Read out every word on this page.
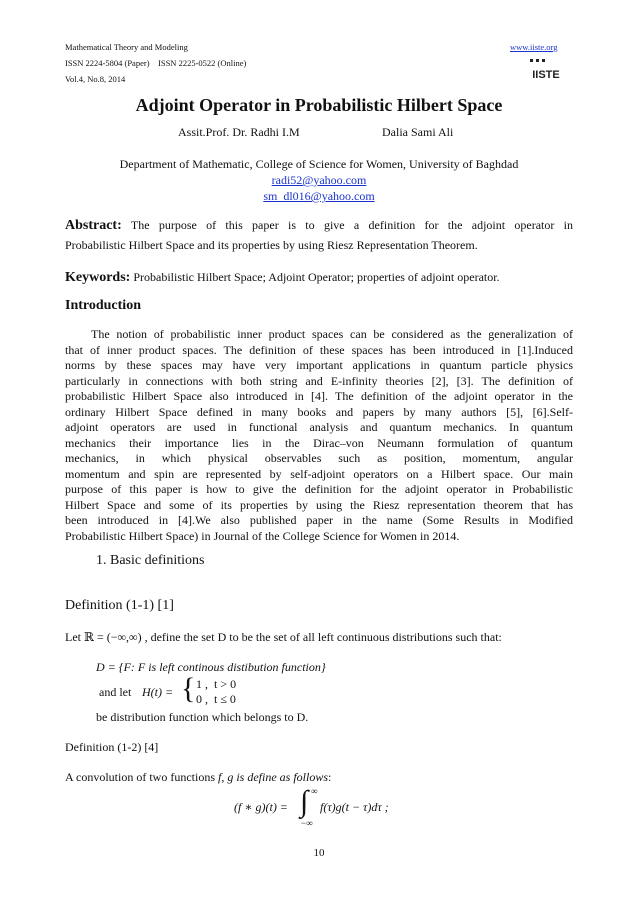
Mathematical Theory and Modeling
ISSN 2224-5804 (Paper)    ISSN 2225-0522 (Online)
Vol.4, No.8, 2014
www.iiste.org
IISTE
Adjoint Operator in Probabilistic Hilbert Space
Assit.Prof. Dr. Radhi I.M	Dalia Sami Ali
Department of Mathematic, College of Science for Women, University of Baghdad
radi52@yahoo.com
sm_dl016@yahoo.com
Abstract: The purpose of this paper is to give a definition for the adjoint operator in
Probabilistic Hilbert Space and its properties by using Riesz Representation Theorem.
Keywords: Probabilistic Hilbert Space; Adjoint Operator; properties of adjoint operator.
Introduction
The notion of probabilistic inner product spaces can be considered as the generalization of
that of inner product spaces. The definition of these spaces has been introduced in [1].Induced
norms by these spaces may have very important applications in quantum particle physics
particularly in connections with both string and E-infinity theories [2], [3]. The definition of
probabilistic Hilbert Space also introduced in [4]. The definition of the adjoint operator in the
ordinary Hilbert Space defined in many books and papers by many authors [5], [6].Self-
adjoint operators are used in functional analysis and quantum mechanics. In quantum
mechanics their importance lies in the Dirac–von Neumann formulation of quantum
mechanics, in which physical observables such as position, momentum, angular
momentum and spin are represented by self-adjoint operators on a Hilbert space. Our main
purpose of this paper is how to give the definition for the adjoint operator in Probabilistic
Hilbert Space and some of its properties by using the Riesz representation theorem that has
been introduced in [4].We also published paper in the name (Some Results in Modified
Probabilistic Hilbert Space) in Journal of the College Science for Women in 2014.
1. Basic definitions
Definition (1-1) [1]
Let ℝ = (−∞,∞) , define the set D to be the set of all left continuous distributions such that:
D = {F: F is left continous distibution function}
and let H(t) = { 1 ,  t > 0
0 ,  t ≤ 0
be distribution function which belongs to D.
Definition (1-2) [4]
A convolution of two functions f, g is define as follows:
(f ∗ g)(t) = ∫ ∞
−∞
f(τ)g(t − τ)dτ ;
10
